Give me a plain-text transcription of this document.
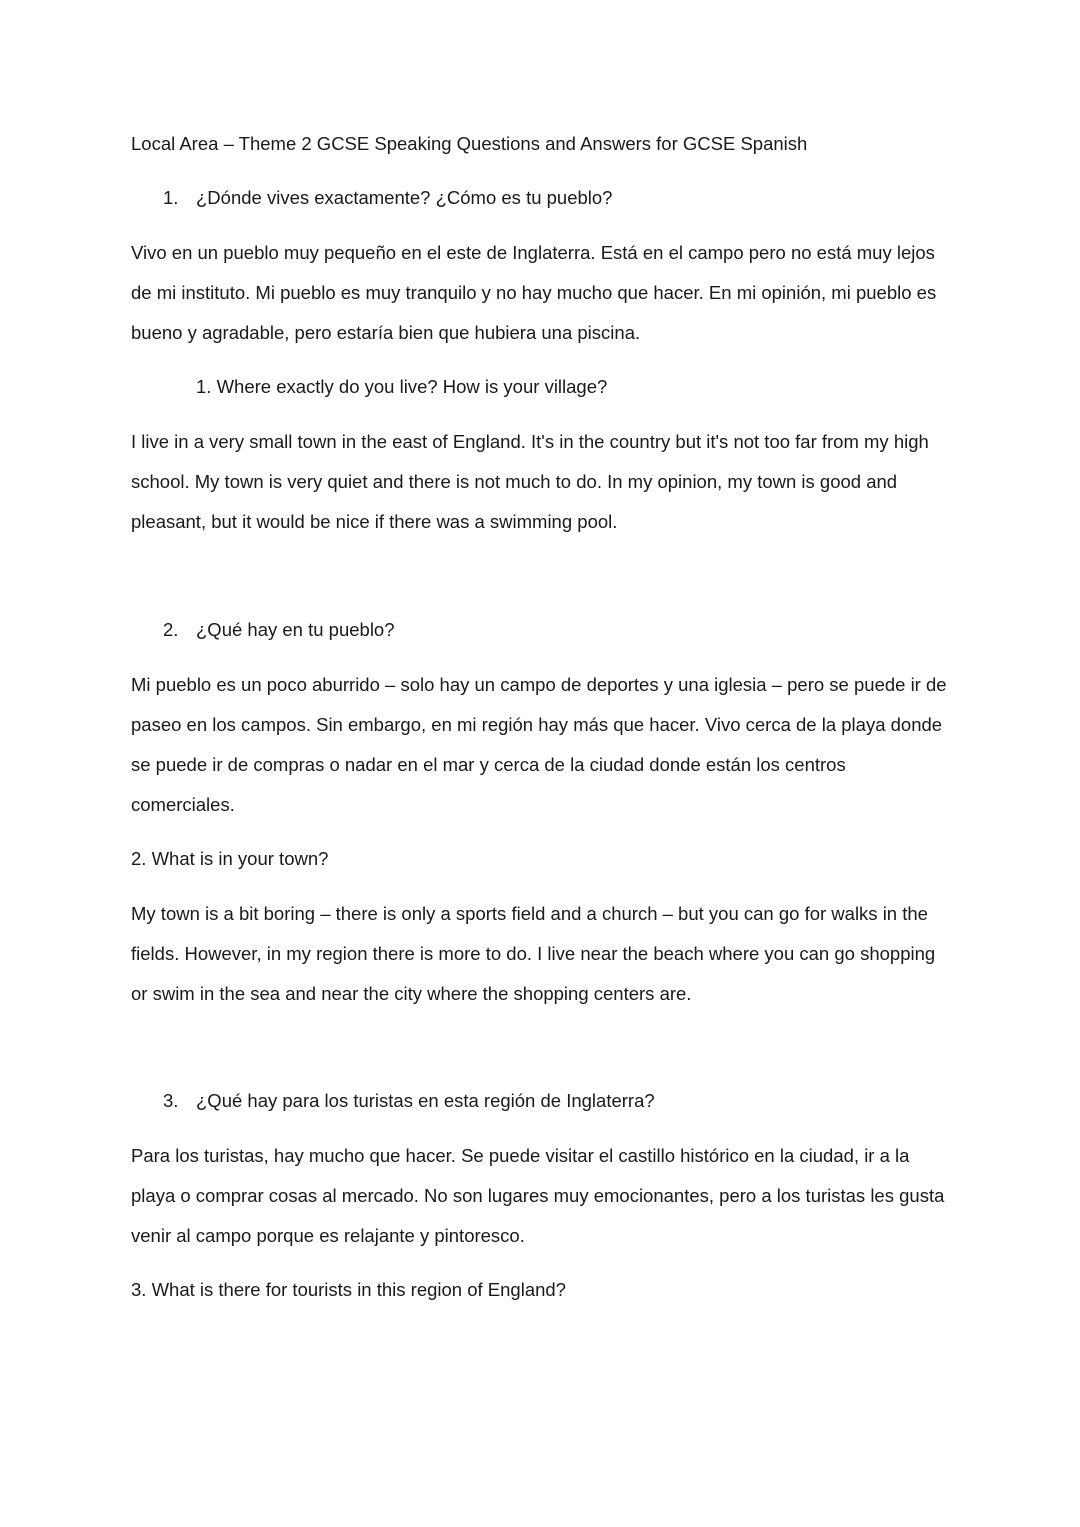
Local Area – Theme 2 GCSE Speaking Questions and Answers for GCSE Spanish

1. ¿Dónde vives exactamente? ¿Cómo es tu pueblo?

Vivo en un pueblo muy pequeño en el este de Inglaterra. Está en el campo pero no está muy lejos de mi instituto. Mi pueblo es muy tranquilo y no hay mucho que hacer. En mi opinión, mi pueblo es bueno y agradable, pero estaría bien que hubiera una piscina.

1. Where exactly do you live? How is your village?

I live in a very small town in the east of England. It's in the country but it's not too far from my high school. My town is very quiet and there is not much to do. In my opinion, my town is good and pleasant, but it would be nice if there was a swimming pool.

2. ¿Qué hay en tu pueblo?

Mi pueblo es un poco aburrido – solo hay un campo de deportes y una iglesia – pero se puede ir de paseo en los campos. Sin embargo, en mi región hay más que hacer. Vivo cerca de la playa donde se puede ir de compras o nadar en el mar y cerca de la ciudad donde están los centros comerciales.

2. What is in your town?

My town is a bit boring – there is only a sports field and a church – but you can go for walks in the fields. However, in my region there is more to do. I live near the beach where you can go shopping or swim in the sea and near the city where the shopping centers are.

3. ¿Qué hay para los turistas en esta región de Inglaterra?

Para los turistas, hay mucho que hacer. Se puede visitar el castillo histórico en la ciudad, ir a la playa o comprar cosas al mercado. No son lugares muy emocionantes, pero a los turistas les gusta venir al campo porque es relajante y pintoresco.

3. What is there for tourists in this region of England?
